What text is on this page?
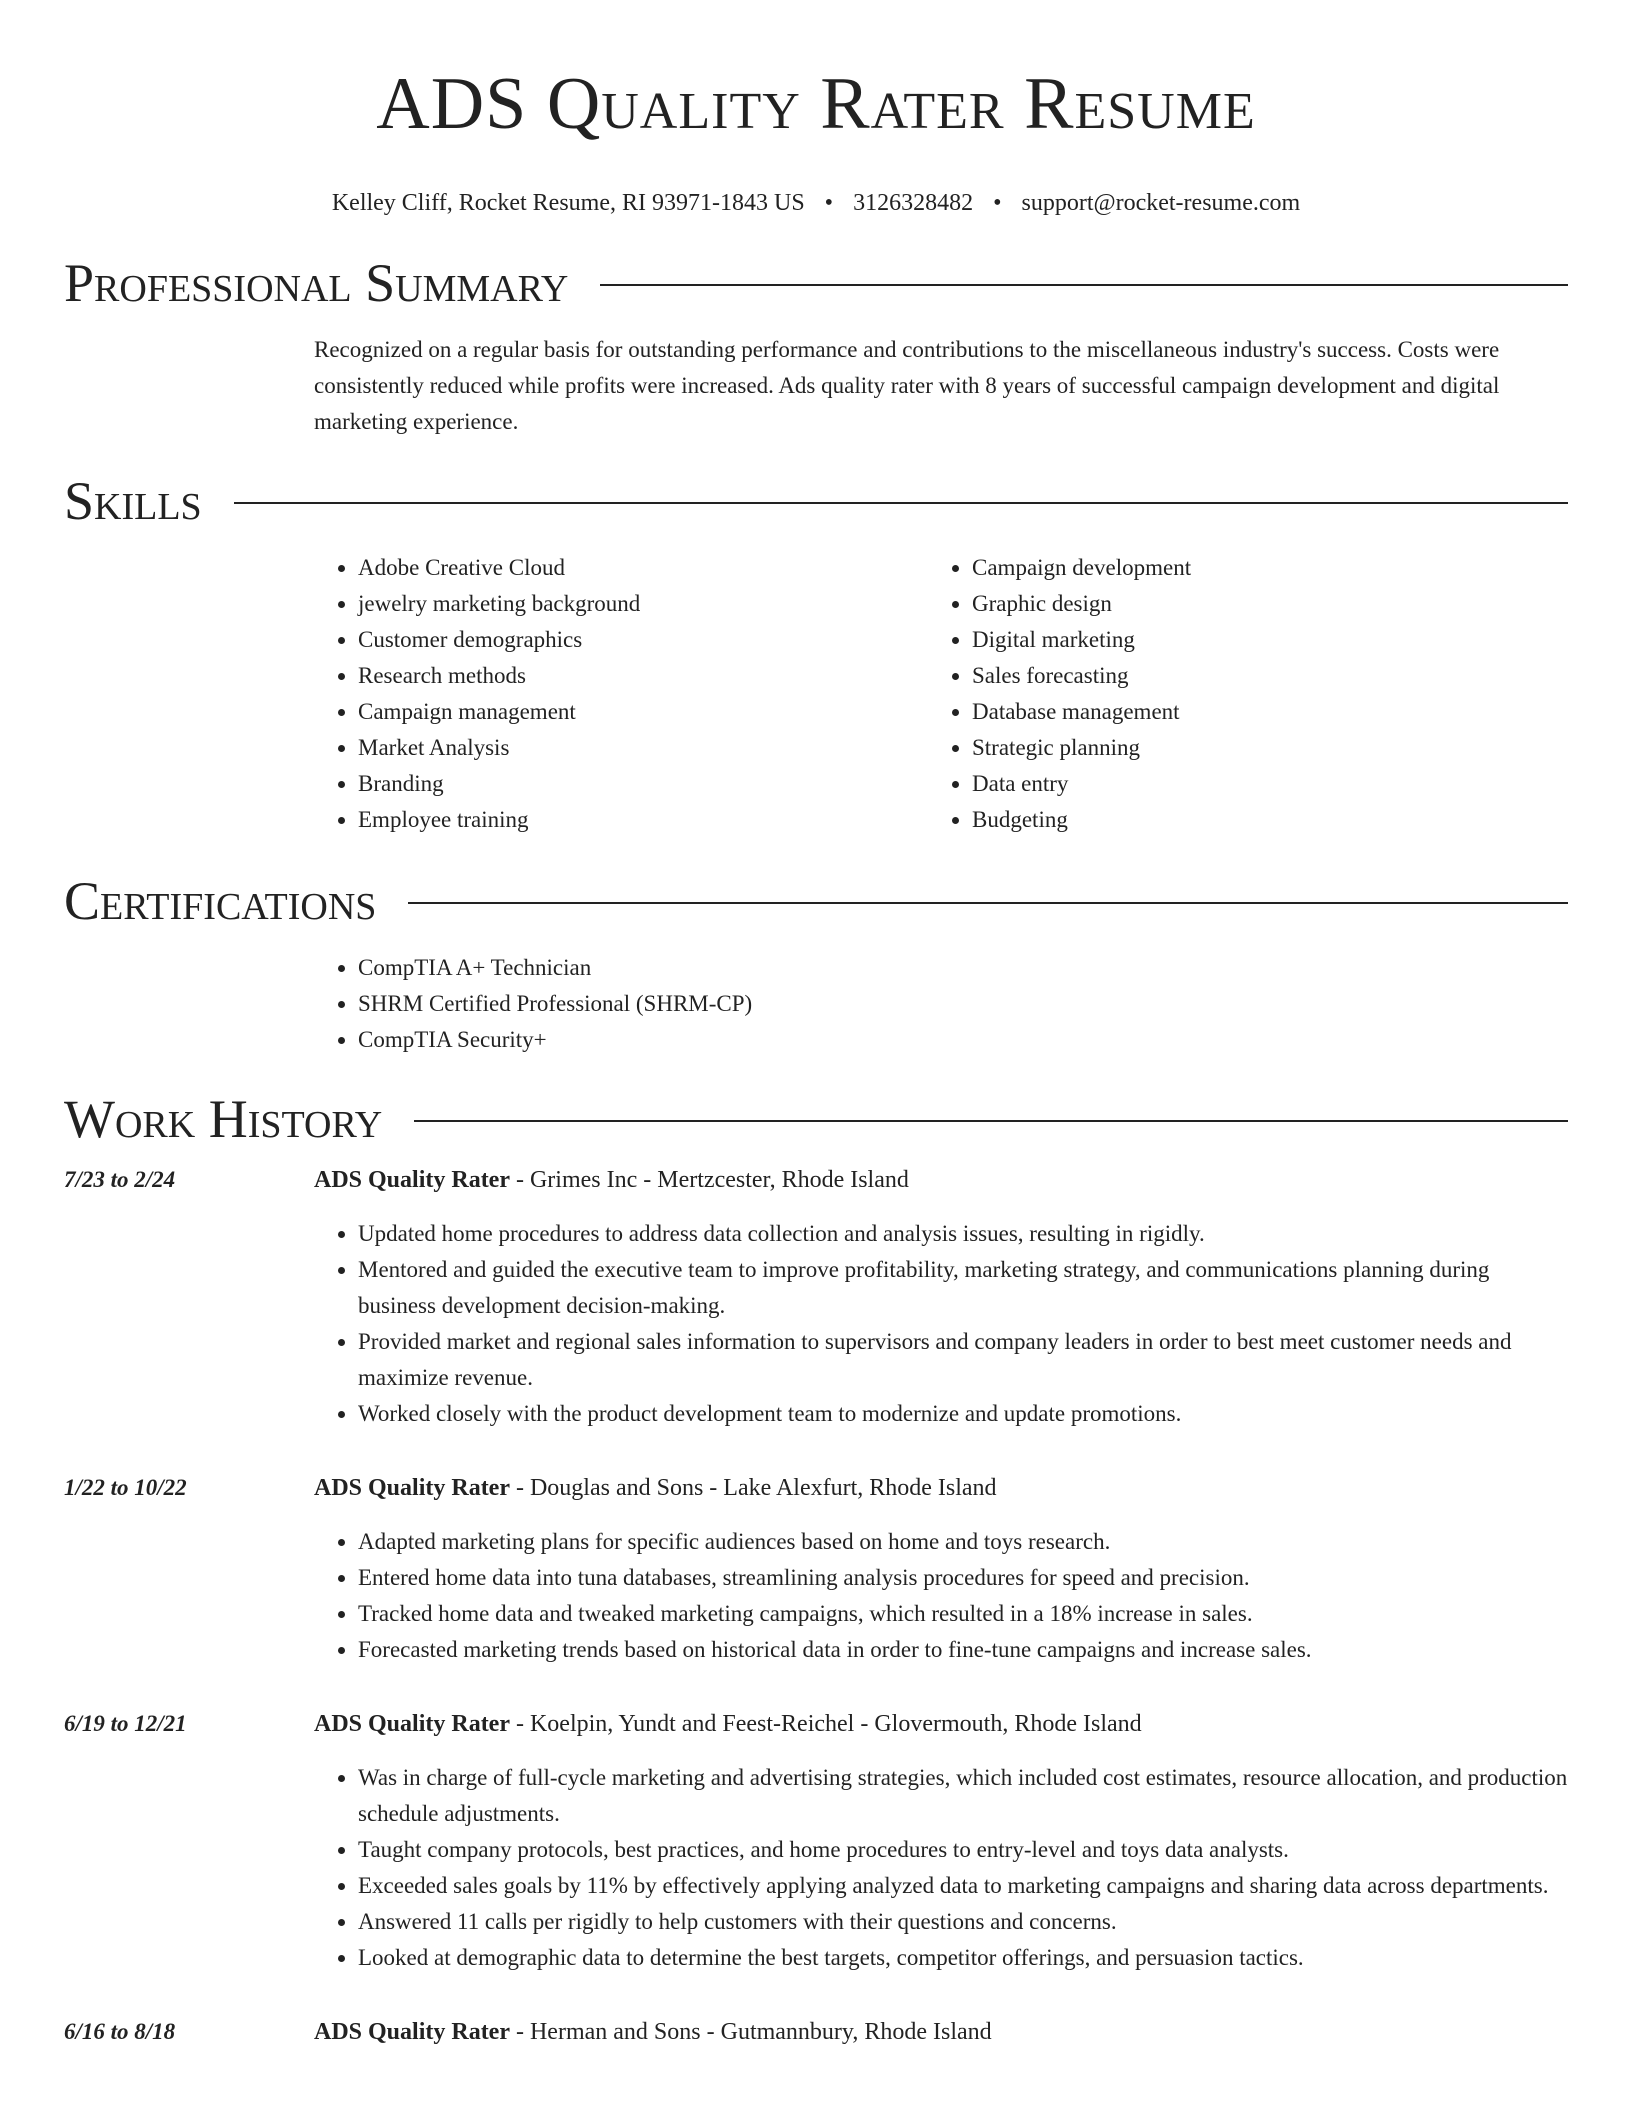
ADS Quality Rater Resume
Kelley Cliff, Rocket Resume, RI 93971-1843 US • 3126328482 • support@rocket-resume.com
Professional Summary

Recognized on a regular basis for outstanding performance and contributions to the miscellaneous industry's success. Costs were consistently reduced while profits were increased. Ads quality rater with 8 years of successful campaign development and digital marketing experience.

Skills
• Adobe Creative Cloud
• jewelry marketing background
• Customer demographics
• Research methods
• Campaign management
• Market Analysis
• Branding
• Employee training
• Campaign development
• Graphic design
• Digital marketing
• Sales forecasting
• Database management
• Strategic planning
• Data entry
• Budgeting
Certifications
• CompTIA A+ Technician
• SHRM Certified Professional (SHRM-CP)
• CompTIA Security+
Work History
7/23 to 2/24	ADS Quality Rater - Grimes Inc - Mertzcester, Rhode Island
• Updated home procedures to address data collection and analysis issues, resulting in rigidly.
• Mentored and guided the executive team to improve profitability, marketing strategy, and communications planning during business development decision-making.
• Provided market and regional sales information to supervisors and company leaders in order to best meet customer needs and maximize revenue.
• Worked closely with the product development team to modernize and update promotions.
1/22 to 10/22	ADS Quality Rater - Douglas and Sons - Lake Alexfurt, Rhode Island
• Adapted marketing plans for specific audiences based on home and toys research.
• Entered home data into tuna databases, streamlining analysis procedures for speed and precision.
• Tracked home data and tweaked marketing campaigns, which resulted in a 18% increase in sales.
• Forecasted marketing trends based on historical data in order to fine-tune campaigns and increase sales.
6/19 to 12/21	ADS Quality Rater - Koelpin, Yundt and Feest-Reichel - Glovermouth, Rhode Island
• Was in charge of full-cycle marketing and advertising strategies, which included cost estimates, resource allocation, and production schedule adjustments.
• Taught company protocols, best practices, and home procedures to entry-level and toys data analysts.
• Exceeded sales goals by 11% by effectively applying analyzed data to marketing campaigns and sharing data across departments.
• Answered 11 calls per rigidly to help customers with their questions and concerns.
• Looked at demographic data to determine the best targets, competitor offerings, and persuasion tactics.
6/16 to 8/18	ADS Quality Rater - Herman and Sons - Gutmannbury, Rhode Island
